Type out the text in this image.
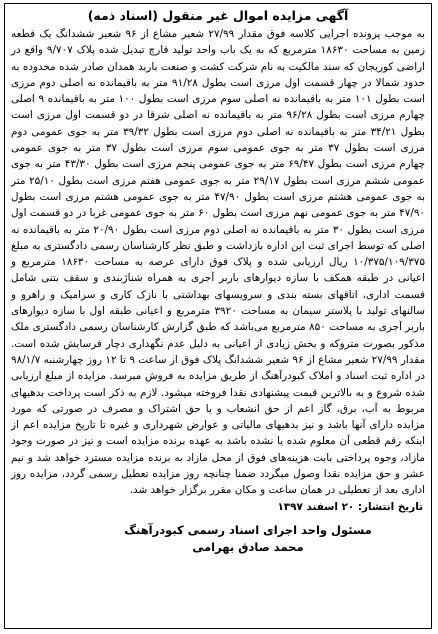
آگهی مزایده اموال غیر منقول (اسناد ذمه)

به موجب پرونده اجرایی کلاسه فوق مقدار ۲۷/۹۹ شعیر مشاع از ۹۶ شعیر ششدانگ یک قطعه زمین به مساحت ۱۸۶۳۰ مترمربع که به یک باب واحد تولید قارچ تبدیل شده پلاک ۹/۷۰۷ واقع در اراضی کوریجان که سند مالکیت به نام شرکت کشت و صنعت باربد همدان صادر شده محدوده به حدود شمالا در چهار قسمت اول مرزی است بطول ۹۱/۲۸ متر به باقیمانده نه اصلی دوم مرزی است بطول ۱۰۱ متر به باقیمانده نه اصلی سوم مرزی است بطول ۱۰۰ متر به باقیمانده ۹ اصلی چهارم مرزی است بطول ۹۶/۲۸ متر به باقیمانده نه اصلی شرقا در دو قسمت اول مرزی است بطول ۳۴/۲۱ متر به باقیمانده نه اصلی دوم مرزی است بطول ۳۹/۳۲ متر به جوی عمومی دوم مرزی است بطول ۳۷ متر به جوی عمومی سوم مرزی است بطول ۳۷ متر به جوی عمومی چهارم مرزی است بطول ۶۹/۴۷ متر به جوی عمومی پنجم مرزی است بطول ۴۳/۳۰ متر به جوی عمومی ششم مرزی است بطول ۲۹/۱۷ متر به جوی عمومی هفتم مرزی است بطول ۲۵/۱۰ متر به جوی عمومی هشتم مرزی است بطول ۴۷/۹۰ متر به جوی عمومی هشتم مرزی است بطول ۴۷/۹۰ متر به جوی عمومی نهم مرزی است بطول ۶۰ متر به جوی عمومی غربا در دو قسمت اول مرزی است بطول ۳۰ متر به باقیمانده نه اصلی دوم مرزی است بطول ۲۰/۹۰ متر به باقیمانده نه اصلی که توسط اجرای ثبت این اداره بازداشت و طبق نظر کارشناسان رسمی دادگستری به مبلغ ۱۰/۳۷۵/۱۰۹/۳۷۵ ریال ارزیابی شده و پلاک فوق دارای عرصه به مساحت ۱۸۶۳۰ مترمربع و اعیانی در طبقه همکف با سازه دیوارهای باربر آجری به همراه شناژبندی و سقف بتنی شامل قسمت اداری، اتاقهای بسته بندی و سرویسهای بهداشتی با نازک کاری و سرامیک و راهرو و سالنهای تولید با پلاستر سیمان به مساحت ۳۹۲۰ مترمربع و اعیانی طبقه اول با سازه دیوارهای باربر آجری به مساحت ۸۵۰ مترمربع می‌باشد که طبق گزارش کارشناسان رسمی دادگستری ملک مذکور بصورت متروکه و بخش زیادی از اعیانی به دلیل عدم نگهداری دچار فرسایش شده است. مقدار ۲۷/۹۹ شعیر مشاع از ۹۶ شعیر ششدانگ پلاک فوق از ساعت ۹ تا ۱۲ روز چهارشنبه ۹۸/۱/۷ در اداره ثبت اسناد و املاک کبودرآهنگ از طریق مزایده به فروش میرسد. مزایده از مبلغ ارزیابی شده شروع و به بالاترین قیمت پیشنهادی نقدا فروخته میشود. لازم به ذکر است پرداخت بدهیهای مربوط به آب، برق، گاز اعم از حق انشعاب و یا حق اشتراک و مصرف در صورتی که مورد مزایده دارای آنها باشد و نیز بدهیهای مالیاتی و عوارض شهرداری و غیره تا تاریخ مزایده اعم از اینکه رقم قطعی آن معلوم شده یا نشده باشد به عهده برنده مزایده است و نیز در صورت وجود مازاد، وجوه پرداختی بابت هزینه‌های فوق از محل مازاد به برنده مزایده مسترد خواهد شد و نیم عشر و حق مزایده نقدا وصول میگردد ضمنا چنانچه روز مزایده تعطیل رسمی گردد، مزایده روز اداری بعد از تعطیلی در همان ساعت و مکان مقرر برگزار خواهد شد.

تاریخ انتشار: ۲۰ اسفند ۱۳۹۷
مسئول واحد اجرای اسناد رسمی کبودرآهنگ
محمد صادق بهرامی
